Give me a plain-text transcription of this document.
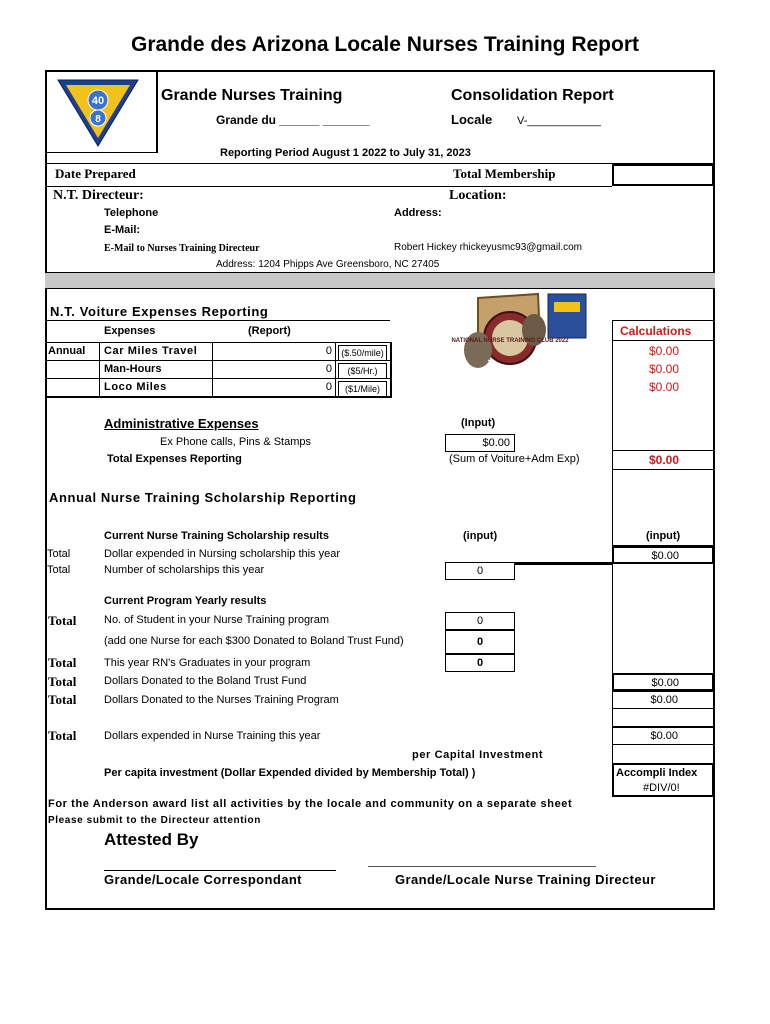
Grande des Arizona Locale Nurses Training Report
40
8
Grande Nurses Training
Grande du ______ _______
Consolidation Report
Locale V-____________
Reporting Period August 1 2022 to July 31, 2023
Date Prepared	Total Membership
N.T. Directeur:	Location:
Telephone	Address:
E-Mail:
E-Mail to Nurses Training Directeur	Robert Hickey rhickeyusmc93@gmail.com
Address: 1204 Phipps Ave Greensboro, NC 27405
N.T. Voiture Expenses Reporting
Expenses	(Report)	Calculations
Annual Car Miles Travel	0	($.50/mile)	$0.00
Man-Hours	0	($5/Hr.)	$0.00
Loco Miles	0	($1/Mile)	$0.00
NATIONAL NURSE TRAINING CLUB 2022
Administrative Expenses	(Input)
Ex Phone calls, Pins & Stamps	$0.00
Total Expenses Reporting	(Sum of Voiture+Adm Exp)	$0.00
Annual Nurse Training Scholarship Reporting
Current Nurse Training Scholarship results	(input)	(input)
Total	Dollar expended in Nursing scholarship this year	$0.00
Total	Number of scholarships this year	0
Current Program Yearly results
Total	No. of Student in your Nurse Training program	0
(add one Nurse for each $300 Donated to Boland Trust Fund)	0
Total	This year RN's Graduates in your program	0
Total	Dollars Donated to the Boland Trust Fund	$0.00
Total	Dollars Donated to the Nurses Training Program	$0.00
Total	Dollars expended in Nurse Training this year	$0.00
per Capital Investment
Per capita investment (Dollar Expended divided by Membership Total) )	Accompli Index
#DIV/0!
For the Anderson award list all activities by the locale and community on a separate sheet
Please submit to the Directeur attention
Attested By
Grande/Locale Correspondant	Grande/Locale Nurse Training Directeur
